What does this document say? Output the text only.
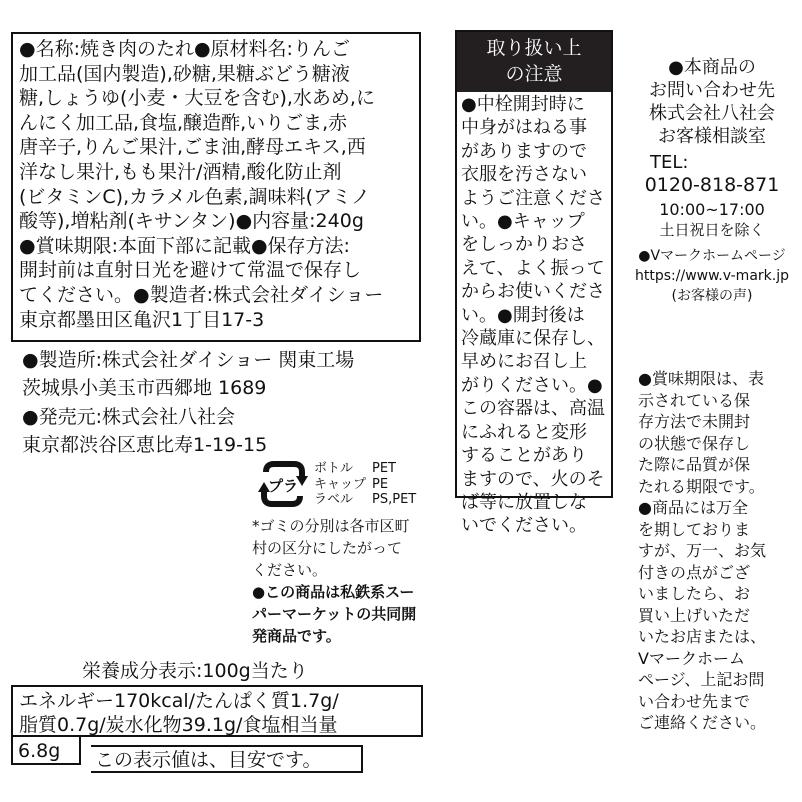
●名称:焼き肉のたれ●原材料名:りんご
加工品(国内製造),砂糖,果糖ぶどう糖液
糖,しょうゆ(小麦・大豆を含む),水あめ,に
んにく加工品,食塩,醸造酢,いりごま,赤
唐辛子,りんご果汁,ごま油,酵母エキス,西
洋なし果汁,もも果汁/酒精,酸化防止剤
(ビタミンC),カラメル色素,調味料(アミノ
酸等),増粘剤(キサンタン)●内容量:240g
●賞味期限:本面下部に記載●保存方法:
開封前は直射日光を避けて常温で保存し
てください。●製造者:株式会社ダイショー
東京都墨田区亀沢1丁目17-3
●製造所:株式会社ダイショー 関東工場
茨城県小美玉市西郷地 1689
●発売元:株式会社八社会
東京都渋谷区恵比寿1-19-15
プラ
ボトル
キャップ
ラベル
PET
PE
PS,PET
*ゴミの分別は各市区町
村の区分にしたがって
ください。
●この商品は私鉄系スー
パーマーケットの共同開
発商品です。
取り扱い上
の注意
●中栓開封時に
中身がはねる事
がありますので
衣服を汚さない
ようご注意くださ
い。●キャップ
をしっかりおさ
えて、よく振って
からお使いくださ
い。●開封後は
冷蔵庫に保存し、
早めにお召し上
がりください。●
この容器は、高温
にふれると変形
することがあり
ますので、火のそ
ば等に放置しな
いでください。
●本商品の
お問い合わせ先
株式会社八社会
お客様相談室
TEL:
0120-818-871
10:00~17:00
土日祝日を除く
●Vマークホームページ
https://www.v-mark.jp
(お客様の声)
●賞味期限は、表
示されている保
存方法で未開封
の状態で保存し
た際に品質が保
たれる期限です。
●商品には万全
を期しておりま
すが、万一、お気
付きの点がござ
いましたら、お
買い上げいただ
いたお店または、
Vマークホーム
ページ、上記お問
い合わせ先まで
ご連絡ください。
栄養成分表示:100g当たり
エネルギー170kcal/たんぱく質1.7g/
脂質0.7g/炭水化物39.1g/食塩相当量
6.8g	この表示値は、目安です。
